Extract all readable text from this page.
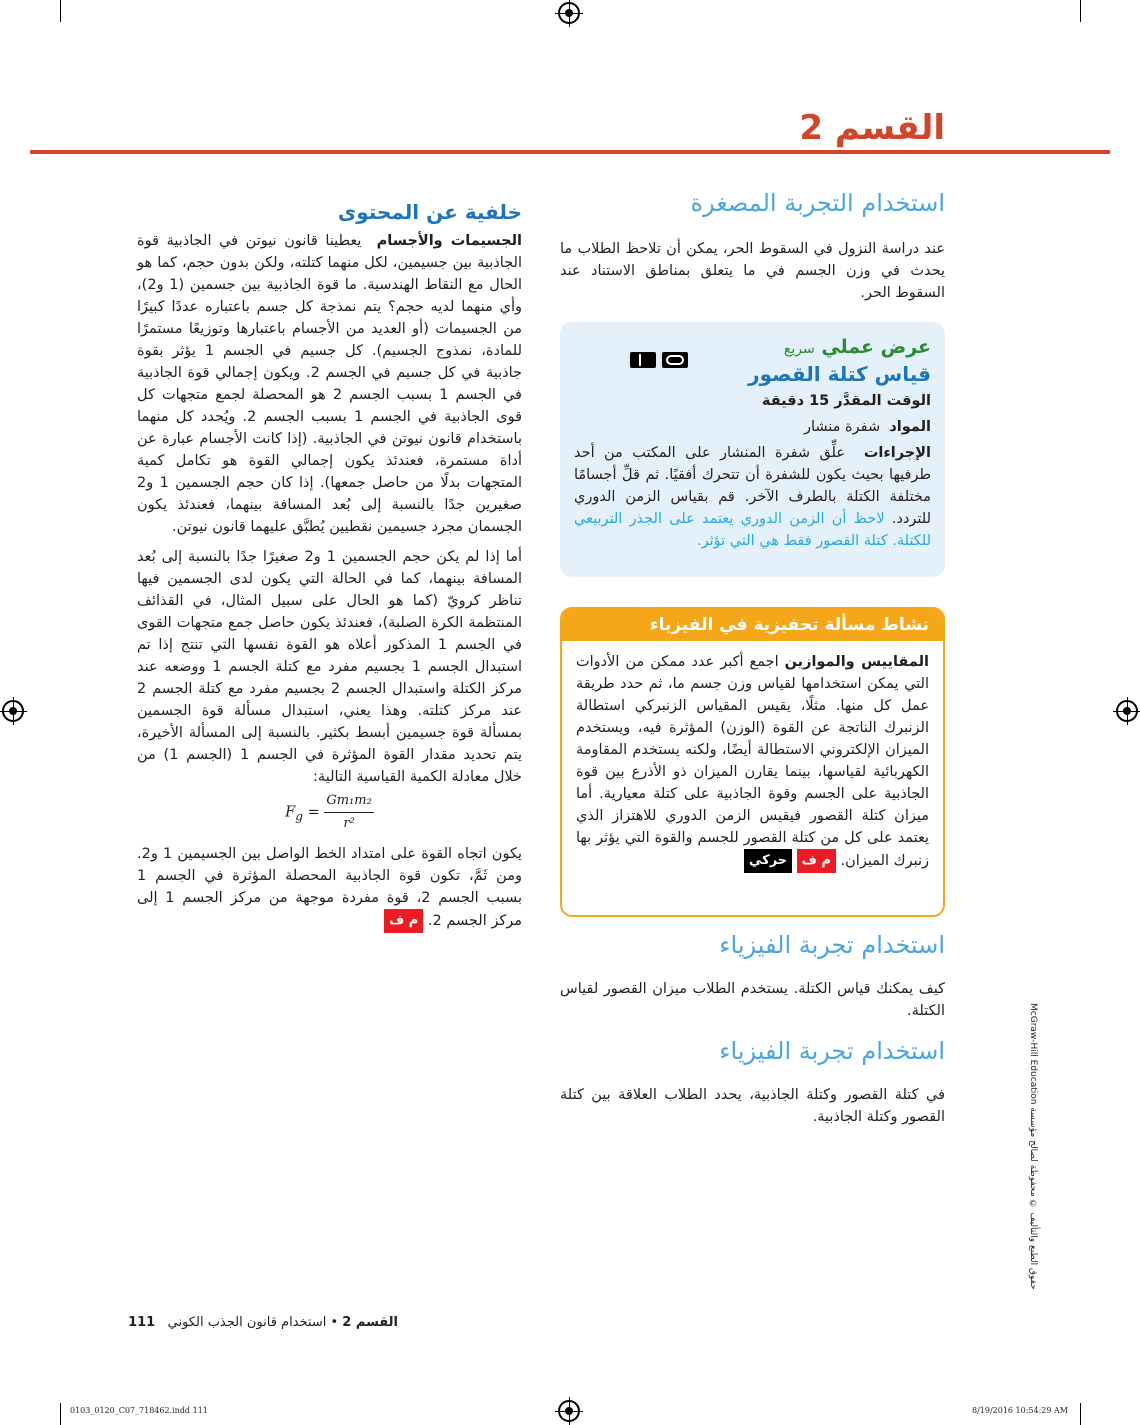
القسم 2
استخدام التجربة المصغرة

عند دراسة النزول في السقوط الحر، يمكن أن تلاحظ الطلاب ما يحدث في وزن الجسم في ما يتعلق بمناطق الاستناد عند السقوط الحر.

عرض عملي سريع
قياس كتلة القصور
الوقت المقدَّر 15 دقيقة
المواد  شفرة منشار
الإجراءات  علِّق شفرة المنشار على المكتب من أحد طرفيها بحيث يكون للشفرة أن تتحرك أفقيًا. ثم قلِّ أجسامًا مختلفة الكتلة بالطرف الآخر. قم بقياس الزمن الدوري للتردد. لاحظ أن الزمن الدوري يعتمد على الجذر التربيعي للكتلة. كتلة القصور فقط هي التي تؤثر.
نشاط مسألة تحفيزية في الفيزياء
المقاييس والموازين اجمع أكبر عدد ممكن من الأدوات التي يمكن استخدامها لقياس وزن جسم ما، ثم حدد طريقة عمل كل منها. مثلًا، يقيس المقياس الزنبركي استطالة الزنبرك الناتجة عن القوة (الوزن) المؤثرة فيه، ويستخدم الميزان الإلكتروني الاستطالة أيضًا، ولكنه يستخدم المقاومة الكهربائية لقياسها، بينما يقارن الميزان ذو الأذرع بين قوة الجاذبية على الجسم وقوة الجاذبية على كتلة معيارية. أما ميزان كتلة القصور فيقيس الزمن الدوري للاهتزاز الذي يعتمد على كل من كتلة القصور للجسم والقوة التي يؤثر بها زنبرك الميزان. م ف حركي
استخدام تجربة الفيزياء

كيف يمكنك قياس الكتلة. يستخدم الطلاب ميزان القصور لقياس الكتلة.

استخدام تجربة الفيزياء

في كتلة القصور وكتلة الجاذبية، يحدد الطلاب العلاقة بين كتلة القصور وكتلة الجاذبية.

خلفية عن المحتوى

الجسيمات والأجسام  يعطينا قانون نيوتن في الجاذبية قوة الجاذبية بين جسيمين، لكل منهما كتلته، ولكن بدون حجم، كما هو الحال مع النقاط الهندسية. ما قوة الجاذبية بين جسمين (1 و2)، وأي منهما لديه حجم؟ يتم نمذجة كل جسم باعتباره عددًا كبيرًا من الجسيمات (أو العديد من الأجسام باعتبارها وتوزيعًا مستمرًا للمادة، نمذوج الجسيم). كل جسيم في الجسم 1 يؤثر بقوة جاذبية في كل جسيم في الجسم 2. ويكون إجمالي قوة الجاذبية في الجسم 1 بسبب الجسم 2 هو المحصلة لجمع متجهات كل قوى الجاذبية في الجسم 1 بسبب الجسم 2. ويُحدد كل منهما باستخدام قانون نيوتن في الجاذبية. (إذا كانت الأجسام عبارة عن أداة مستمرة، فعندئذ يكون إجمالي القوة هو تكامل كمية المتجهات بدلًا من حاصل جمعها). إذا كان حجم الجسمين 1 و2 صغيرين جدًا بالنسبة إلى بُعد المسافة بينهما، فعندئذ يكون الجسمان مجرد جسيمين نقطيين يُطبَّق عليهما قانون نيوتن.

أما إذا لم يكن حجم الجسمين 1 و2 صغيرًا جدًا بالنسبة إلى بُعد المسافة بينهما، كما في الحالة التي يكون لدى الجسمين فيها تناظر كرويّ (كما هو الحال على سبيل المثال، في القذائف المنتظمة الكرة الصلبة)، فعندئذ يكون حاصل جمع متجهات القوى في الجسم 1 المذكور أعلاه هو القوة نفسها التي تنتج إذا تم استبدال الجسم 1 بجسيم مفرد مع كتلة الجسم 1 ووضعه عند مركز الكتلة واستبدال الجسم 2 بجسيم مفرد مع كتلة الجسم 2 عند مركز كتلته. وهذا يعني، استبدال مسألة قوة الجسمين بمسألة قوة جسيمين أبسط بكثير. بالنسبة إلى المسألة الأخيرة، يتم تحديد مقدار القوة المؤثرة في الجسم 1 (الجسم 1) من خلال معادلة الكمية القياسية التالية:

$F_g = \frac{\text{Gm₁m₂}}{\text{r²}}$

يكون اتجاه القوة على امتداد الخط الواصل بين الجسيمين 1 و2. ومن ثَمَّ، تكون قوة الجاذبية المحصلة المؤثرة في الجسم 1 بسبب الجسم 2، قوة مفردة موجهة من مركز الجسم 1 إلى مركز الجسم 2. م ف

حقوق الطبع والتأليف © محفوظة لصالح مؤسسة McGraw-Hill Education
القسم 2 • استخدام قانون الجذب الكوني   111
0103_0120_C07_718462.indd 111	8/19/2016 10:54:29 AM
